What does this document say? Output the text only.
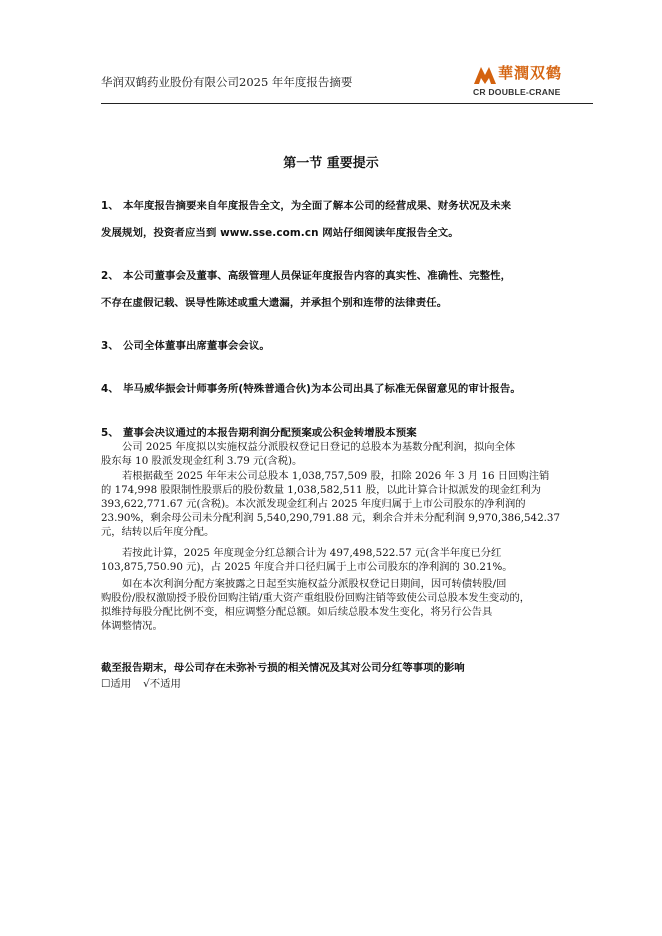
华润双鹤药业股份有限公司2025 年年度报告摘要	華潤双鹤
CR DOUBLE-CRANE
第一节 重要提示
1、 本年度报告摘要来自年度报告全文，为全面了解本公司的经营成果、财务状况及未来
发展规划，投资者应当到 www.sse.com.cn 网站仔细阅读年度报告全文。
2、 本公司董事会及董事、高级管理人员保证年度报告内容的真实性、准确性、完整性，
不存在虚假记载、误导性陈述或重大遗漏，并承担个别和连带的法律责任。
3、 公司全体董事出席董事会会议。
4、 毕马威华振会计师事务所(特殊普通合伙)为本公司出具了标准无保留意见的审计报告。
5、 董事会决议通过的本报告期利润分配预案或公积金转增股本预案
公司 2025 年度拟以实施权益分派股权登记日登记的总股本为基数分配利润，拟向全体
股东每 10 股派发现金红利 3.79 元(含税)。
若根据截至 2025 年年末公司总股本 1,038,757,509 股，扣除 2026 年 3 月 16 日回购注销
的 174,998 股限制性股票后的股份数量 1,038,582,511 股，以此计算合计拟派发的现金红利为
393,622,771.67 元(含税)。本次派发现金红利占 2025 年度归属于上市公司股东的净利润的
23.90%，剩余母公司未分配利润 5,540,290,791.88 元，剩余合并未分配利润 9,970,386,542.37
元，结转以后年度分配。
若按此计算，2025 年度现金分红总额合计为 497,498,522.57 元(含半年度已分红
103,875,750.90 元)，占 2025 年度合并口径归属于上市公司股东的净利润的 30.21%。
如在本次利润分配方案披露之日起至实施权益分派股权登记日期间，因可转债转股/回
购股份/股权激励授予股份回购注销/重大资产重组股份回购注销等致使公司总股本发生变动的，
拟维持每股分配比例不变，相应调整分配总额。如后续总股本发生变化，将另行公告具
体调整情况。
截至报告期末，母公司存在未弥补亏损的相关情况及其对公司分红等事项的影响
☐适用 √不适用
